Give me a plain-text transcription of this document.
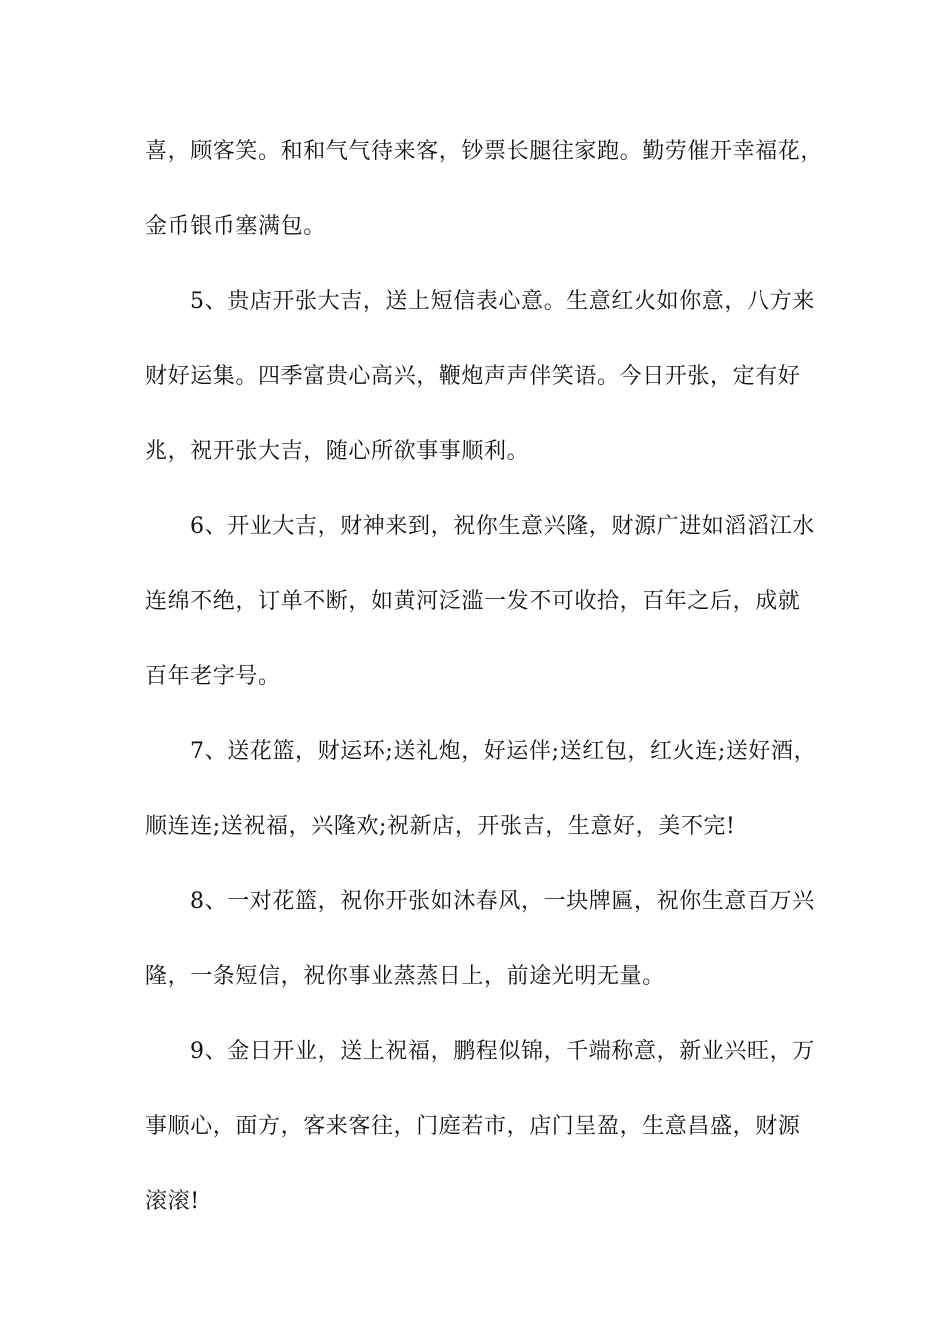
喜，顾客笑。和和气气待来客，钞票长腿往家跑。勤劳催开幸福花，
金币银币塞满包。
5、贵店开张大吉，送上短信表心意。生意红火如你意，八方来
财好运集。四季富贵心高兴，鞭炮声声伴笑语。今日开张，定有好
兆，祝开张大吉，随心所欲事事顺利。
6、开业大吉，财神来到，祝你生意兴隆，财源广进如滔滔江水
连绵不绝，订单不断，如黄河泛滥一发不可收拾，百年之后，成就
百年老字号。
7、送花篮，财运环;送礼炮，好运伴;送红包，红火连;送好酒，
顺连连;送祝福，兴隆欢;祝新店，开张吉，生意好，美不完!
8、一对花篮，祝你开张如沐春风，一块牌匾，祝你生意百万兴
隆，一条短信，祝你事业蒸蒸日上，前途光明无量。
9、金日开业，送上祝福，鹏程似锦，千端称意，新业兴旺，万
事顺心，面方，客来客往，门庭若市，店门呈盈，生意昌盛，财源
滚滚!
